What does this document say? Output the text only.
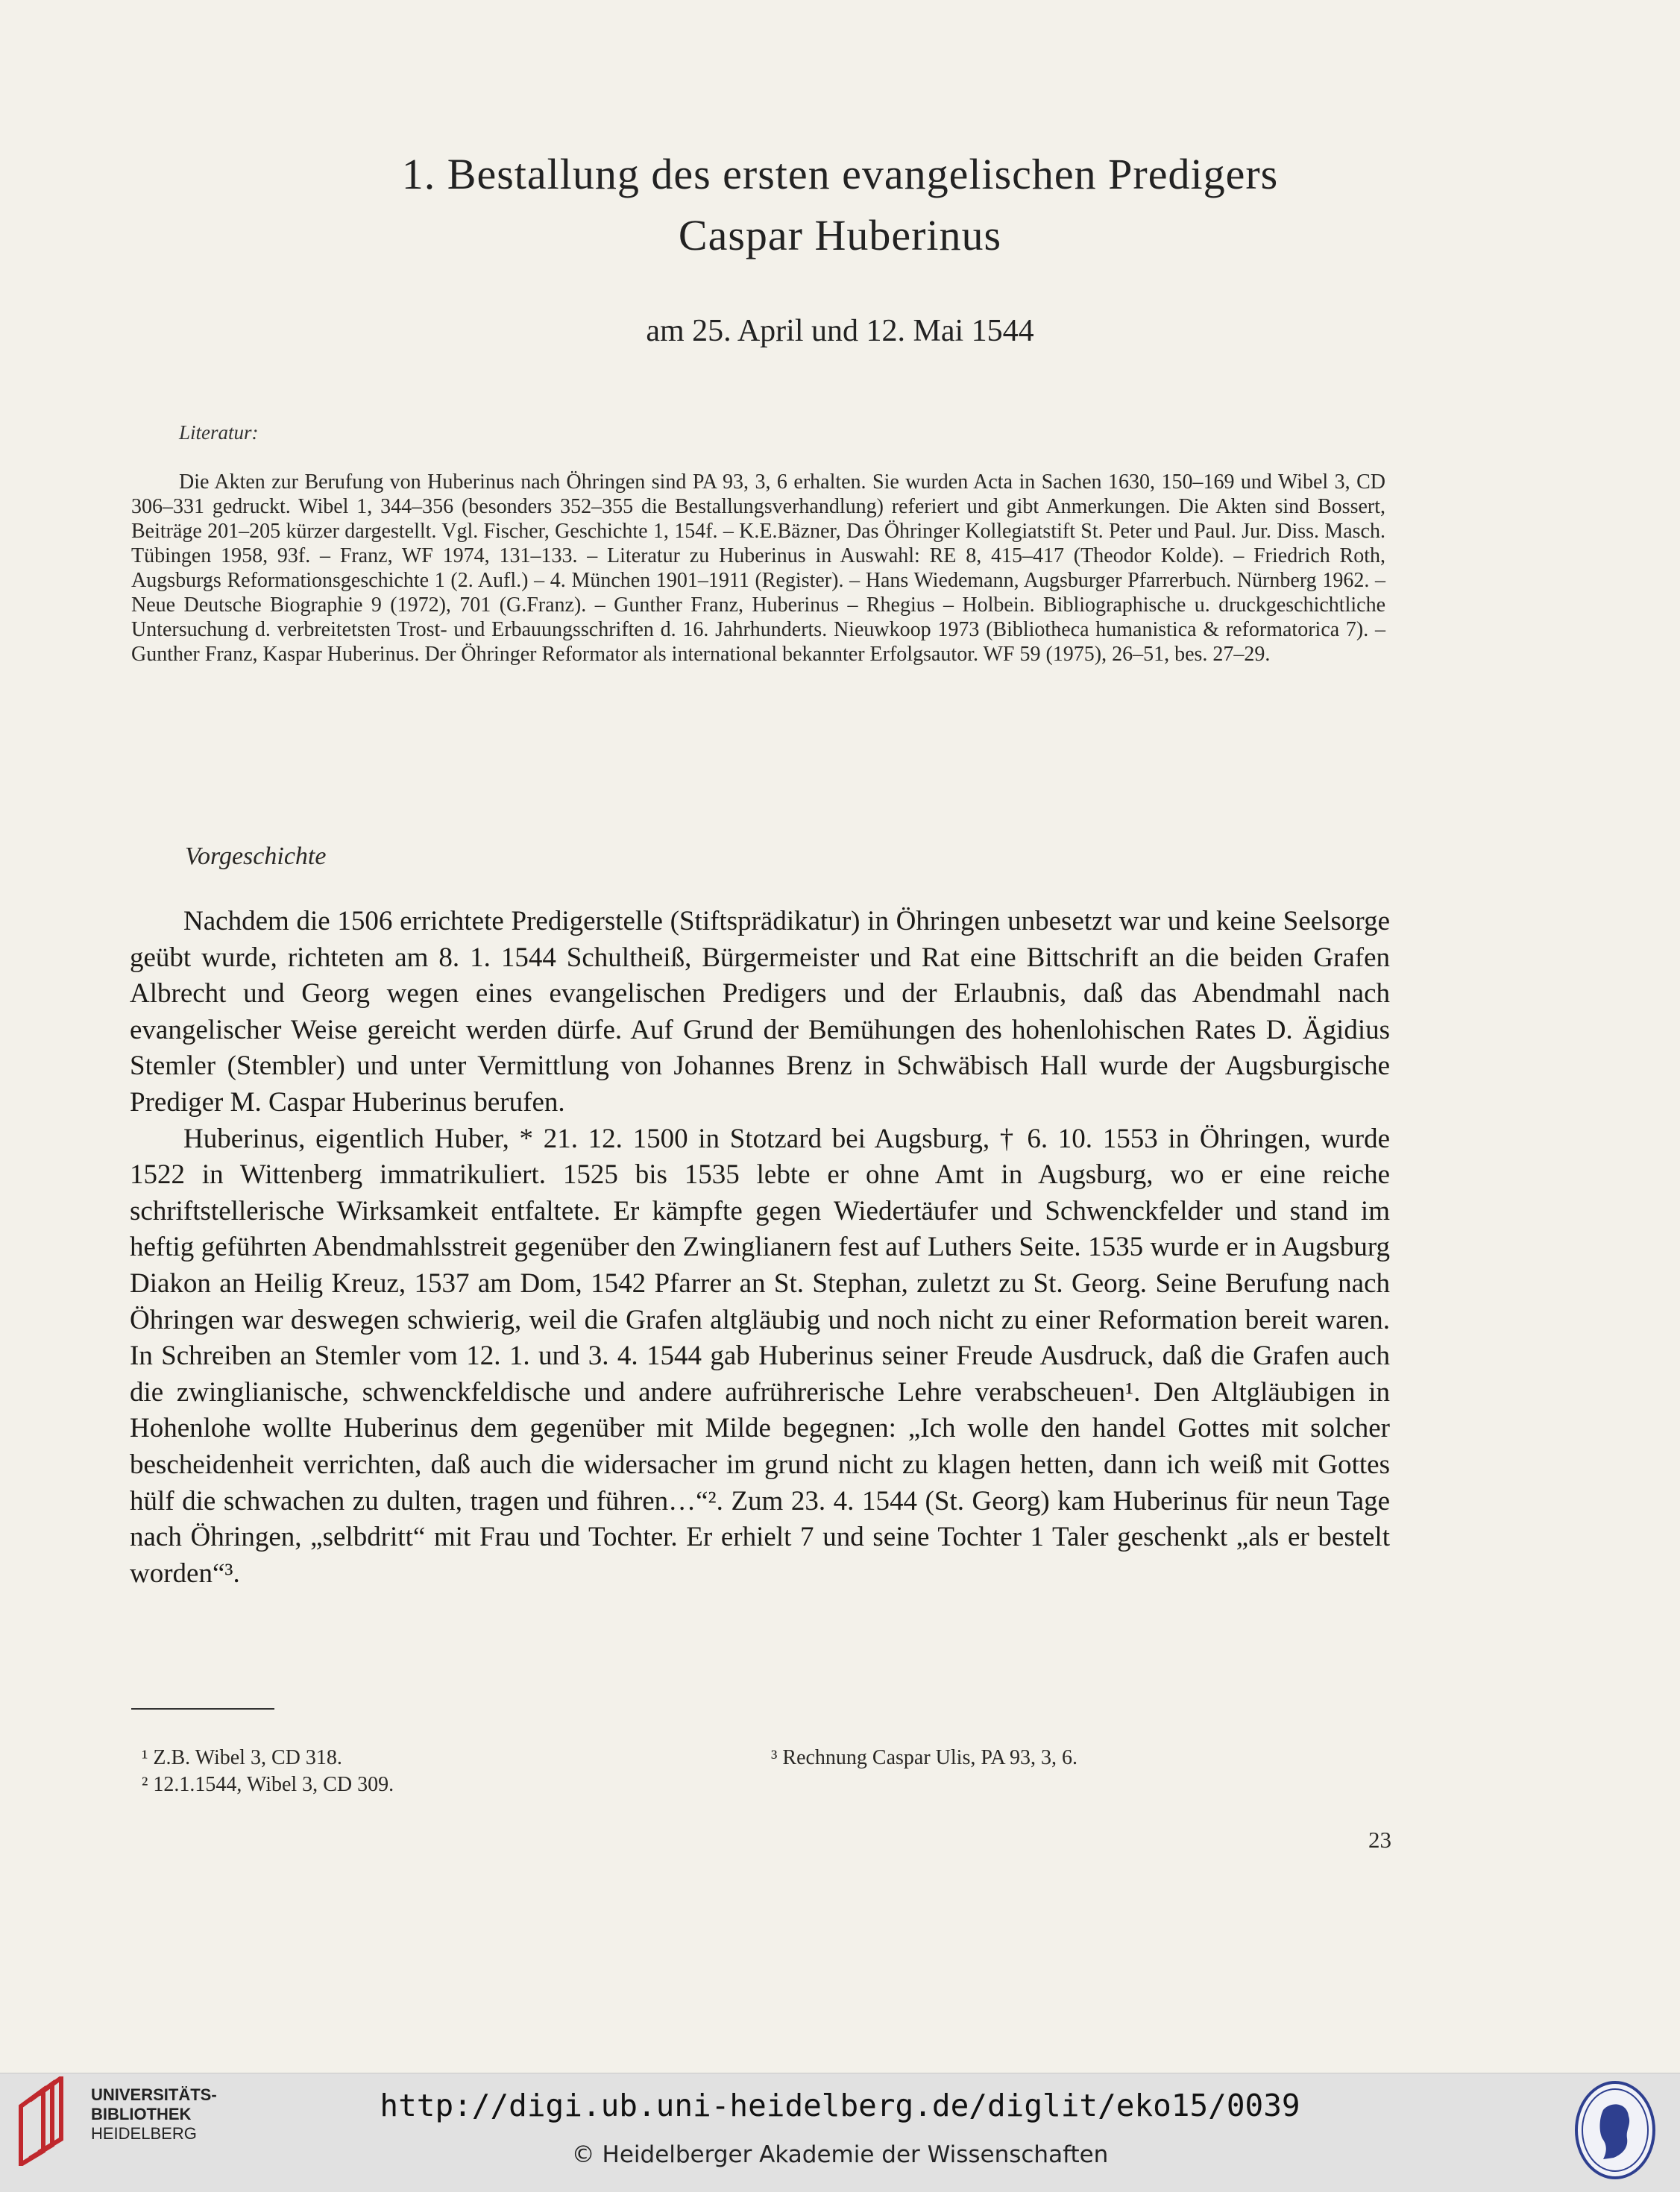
1. Bestallung des ersten evangelischen Predigers
Caspar Huberinus
am 25. April und 12. Mai 1544
Literatur:

Die Akten zur Berufung von Huberinus nach Öhringen sind PA 93, 3, 6 erhalten. Sie wurden Acta in Sachen 1630, 150–169 und Wibel 3, CD 306–331 gedruckt. Wibel 1, 344–356 (besonders 352–355 die Bestallungsverhandlung) referiert und gibt Anmerkungen. Die Akten sind Bossert, Beiträge 201–205 kürzer dargestellt. Vgl. Fischer, Geschichte 1, 154f. – K.E.Bäzner, Das Öhringer Kollegiatstift St. Peter und Paul. Jur. Diss. Masch. Tübingen 1958, 93f. – Franz, WF 1974, 131–133. – Literatur zu Huberinus in Auswahl: RE 8, 415–417 (Theodor Kolde). – Friedrich Roth, Augsburgs Reformationsgeschichte 1 (2. Aufl.) – 4. München 1901–1911 (Register). – Hans Wiedemann, Augsburger Pfarrerbuch. Nürnberg 1962. – Neue Deutsche Biographie 9 (1972), 701 (G.Franz). – Gunther Franz, Huberinus – Rhegius – Holbein. Bibliographische u. druckgeschichtliche Untersuchung d. verbreitetsten Trost- und Erbauungsschriften d. 16. Jahrhunderts. Nieuwkoop 1973 (Bibliotheca humanistica & reformatorica 7). – Gunther Franz, Kaspar Huberinus. Der Öhringer Reformator als international bekannter Erfolgsautor. WF 59 (1975), 26–51, bes. 27–29.

Vorgeschichte

Nachdem die 1506 errichtete Predigerstelle (Stiftsprädikatur) in Öhringen unbesetzt war und keine Seelsorge geübt wurde, richteten am 8. 1. 1544 Schultheiß, Bürgermeister und Rat eine Bittschrift an die beiden Grafen Albrecht und Georg wegen eines evangelischen Predigers und der Erlaubnis, daß das Abendmahl nach evangelischer Weise gereicht werden dürfe. Auf Grund der Bemühungen des hohenlohischen Rates D. Ägidius Stemler (Stembler) und unter Vermittlung von Johannes Brenz in Schwäbisch Hall wurde der Augsburgische Prediger M. Caspar Huberinus berufen.

Huberinus, eigentlich Huber, * 21. 12. 1500 in Stotzard bei Augsburg, † 6. 10. 1553 in Öhringen, wurde 1522 in Wittenberg immatrikuliert. 1525 bis 1535 lebte er ohne Amt in Augsburg, wo er eine reiche schriftstellerische Wirksamkeit entfaltete. Er kämpfte gegen Wiedertäufer und Schwenckfelder und stand im heftig geführten Abendmahlsstreit gegenüber den Zwinglianern fest auf Luthers Seite. 1535 wurde er in Augsburg Diakon an Heilig Kreuz, 1537 am Dom, 1542 Pfarrer an St. Stephan, zuletzt zu St. Georg. Seine Berufung nach Öhringen war deswegen schwierig, weil die Grafen altgläubig und noch nicht zu einer Reformation bereit waren. In Schreiben an Stemler vom 12. 1. und 3. 4. 1544 gab Huberinus seiner Freude Ausdruck, daß die Grafen auch die zwinglianische, schwenckfeldische und andere aufrührerische Lehre verabscheuen¹. Den Altgläubigen in Hohenlohe wollte Huberinus dem gegenüber mit Milde begegnen: „Ich wolle den handel Gottes mit solcher bescheidenheit verrichten, daß auch die widersacher im grund nicht zu klagen hetten, dann ich weiß mit Gottes hülf die schwachen zu dulten, tragen und führen…“². Zum 23. 4. 1544 (St. Georg) kam Huberinus für neun Tage nach Öhringen, „selbdritt“ mit Frau und Tochter. Er erhielt 7 und seine Tochter 1 Taler geschenkt „als er bestelt worden“³.

¹ Z.B. Wibel 3, CD 318.
² 12.1.1544, Wibel 3, CD 309.
³ Rechnung Caspar Ulis, PA 93, 3, 6.
23
UNIVERSITÄTS-
BIBLIOTHEK
HEIDELBERG
http://digi.ub.uni-heidelberg.de/diglit/eko15/0039
© Heidelberger Akademie der Wissenschaften
